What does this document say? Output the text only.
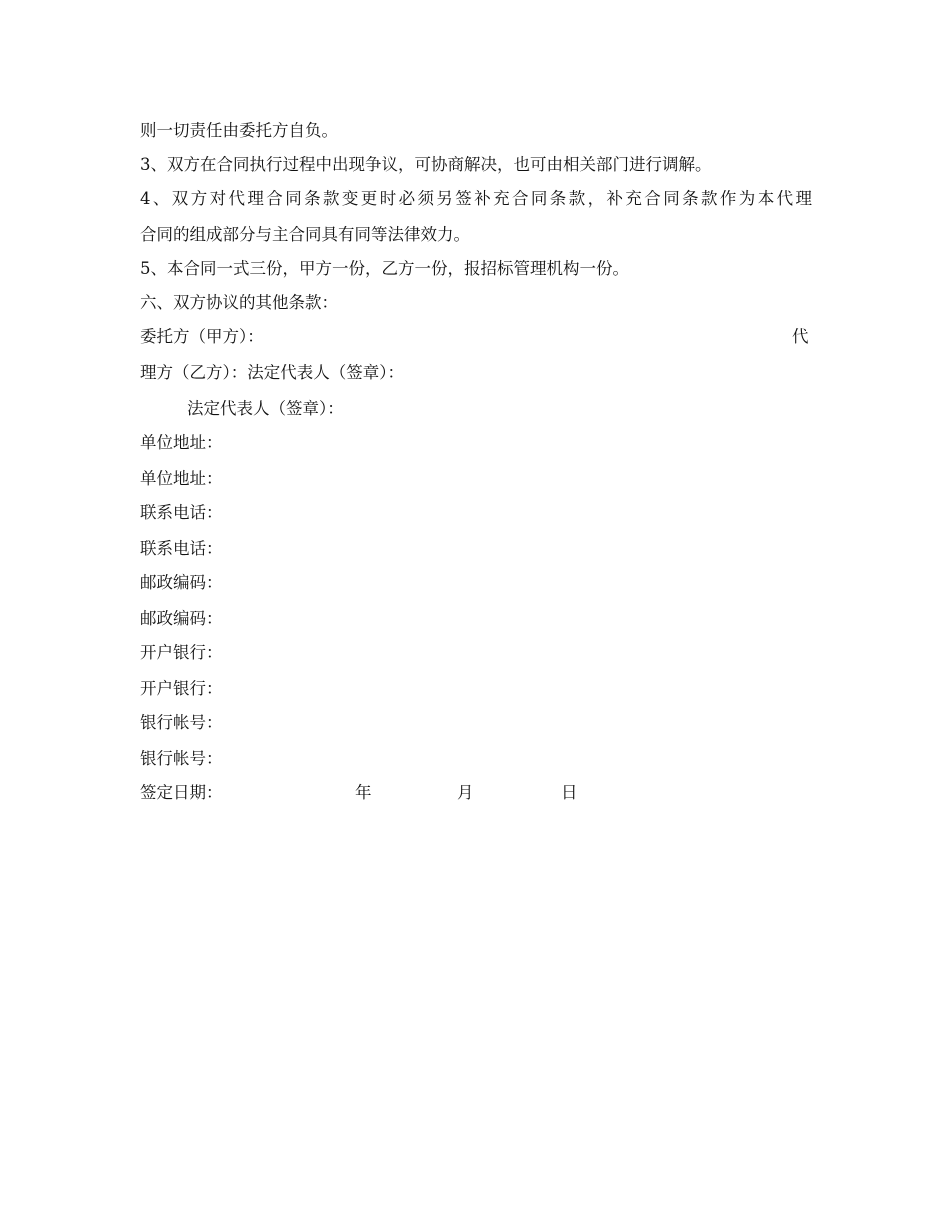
则一切责任由委托方自负。
3、双方在合同执行过程中出现争议，可协商解决，也可由相关部门进行调解。
4、双方对代理合同条款变更时必须另签补充合同条款，补充合同条款作为本代理
合同的组成部分与主合同具有同等法律效力。
5、本合同一式三份，甲方一份，乙方一份，报招标管理机构一份。
六、双方协议的其他条款：
委托方（甲方）：	代
理方（乙方）：法定代表人（签章）：
法定代表人（签章）：
单位地址：
单位地址：
联系电话：
联系电话：
邮政编码：
邮政编码：
开户银行：
开户银行：
银行帐号：
银行帐号：
签定日期：	年	月	日
